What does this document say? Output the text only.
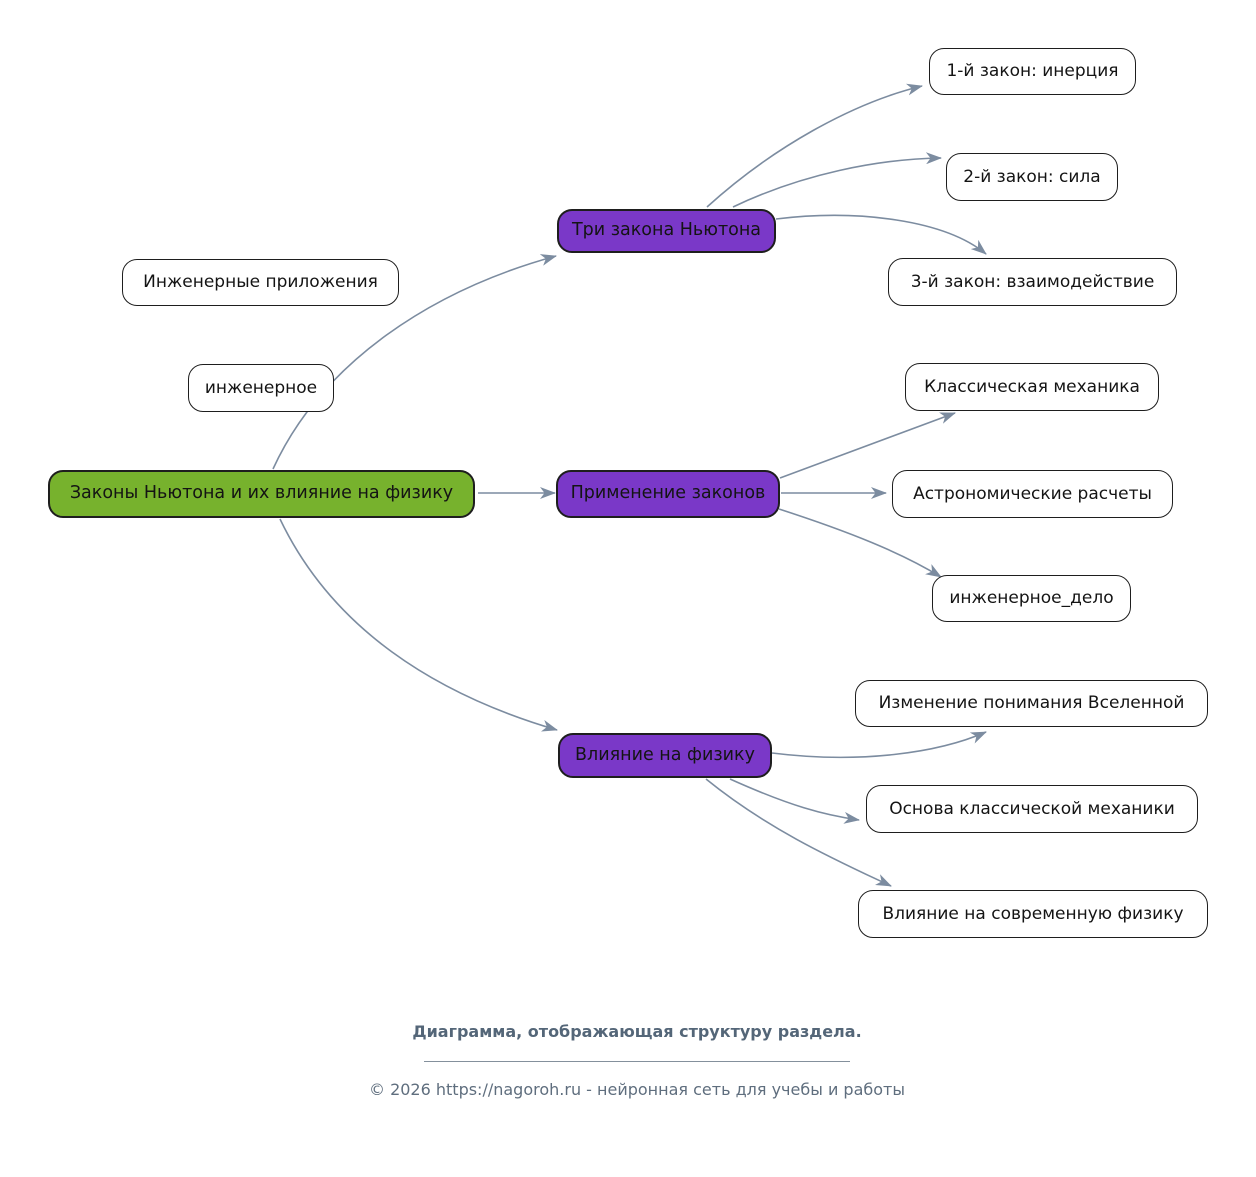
Законы Ньютона и их влияние на физику
Три закона Ньютона
Применение законов
Влияние на физику
1-й закон: инерция
2-й закон: сила
3-й закон: взаимодействие
Классическая механика
Астрономические расчеты
инженерное_дело
Изменение понимания Вселенной
Основа классической механики
Влияние на современную физику
Инженерные приложения
инженерное
Диаграмма, отображающая структуру раздела.
© 2026 https://nagoroh.ru - нейронная сеть для учебы и работы
